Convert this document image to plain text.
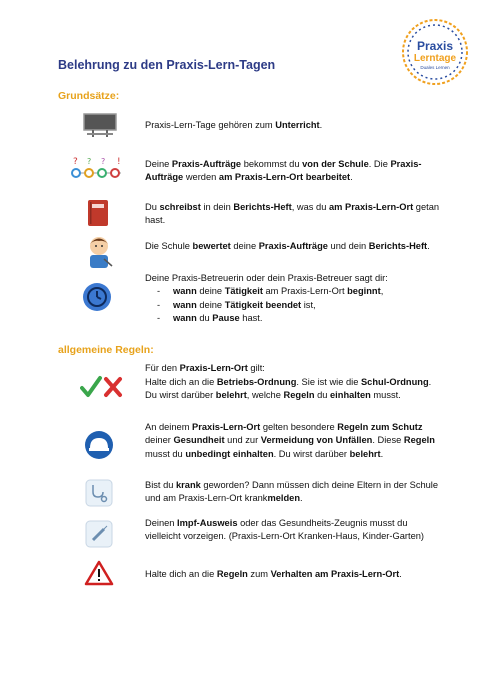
Praxis
Lerntage
Duales Lernen
Belehrung zu den Praxis-Lern-Tagen
Grundsätze:
Praxis-Lern-Tage gehören zum Unterricht.
? ? ? !	Deine Praxis-Aufträge bekommst du von der Schule. Die Praxis-Aufträge werden am Praxis-Lern-Ort bearbeitet.
Du schreibst in dein Berichts-Heft, was du am Praxis-Lern-Ort getan hast.
Die Schule bewertet deine Praxis-Aufträge und dein Berichts-Heft.
Deine Praxis-Betreuerin oder dein Praxis-Betreuer sagt dir:
- wann deine Tätigkeit am Praxis-Lern-Ort beginnt,
- wann deine Tätigkeit beendet ist,
- wann du Pause hast.
allgemeine Regeln:
Für den Praxis-Lern-Ort gilt:
Halte dich an die Betriebs-Ordnung. Sie ist wie die Schul-Ordnung. Du wirst darüber belehrt, welche Regeln du einhalten musst.
An deinem Praxis-Lern-Ort gelten besondere Regeln zum Schutz deiner Gesundheit und zur Vermeidung von Unfällen. Diese Regeln musst du unbedingt einhalten. Du wirst darüber belehrt.
Bist du krank geworden? Dann müssen dich deine Eltern in der Schule und am Praxis-Lern-Ort krankmelden.
Deinen Impf-Ausweis oder das Gesundheits-Zeugnis musst du vielleicht vorzeigen. (Praxis-Lern-Ort Kranken-Haus, Kinder-Garten)
Halte dich an die Regeln zum Verhalten am Praxis-Lern-Ort.
